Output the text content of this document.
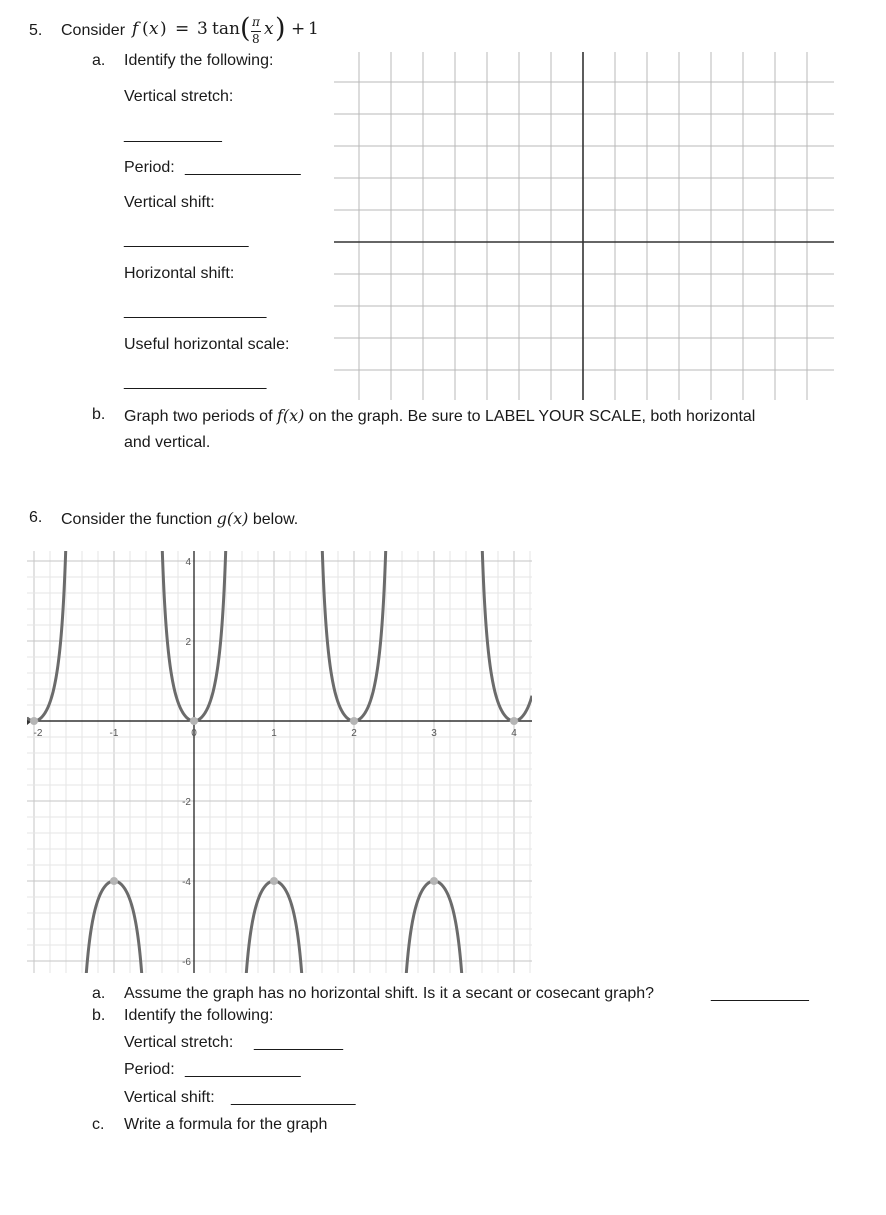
5. Consider f ( x ) = 3 tan ( π
8 x ) + 1
a. Identify the following:
Vertical stretch:
___________
Period: _____________
Vertical shift:
______________
Horizontal shift:
________________
Useful horizontal scale:
________________
b. Graph two periods of f(x) on the graph. Be sure to LABEL YOUR SCALE, both horizontal
and vertical.
6. Consider the function g(x) below.
-2	-1	0	1	2	3	4
4
2
-2
-4
-6
a. Assume the graph has no horizontal shift. Is it a secant or cosecant graph?	___________
b. Identify the following:
Vertical stretch: __________
Period: _____________
Vertical shift: ______________
c. Write a formula for the graph
